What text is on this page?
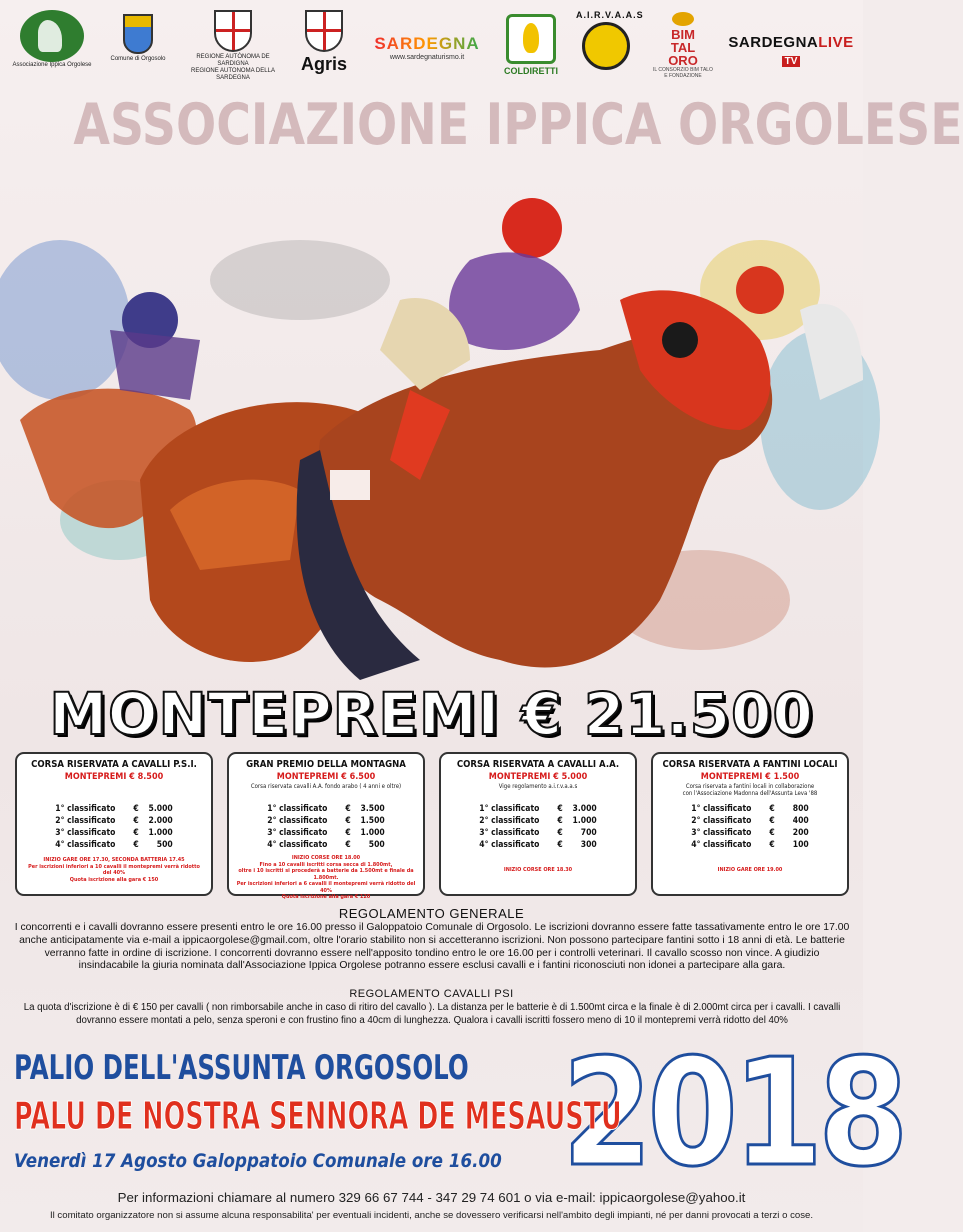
Associazione Ippica Orgolese
Comune di Orgosolo	REGIONE AUTÒNOMA DE SARDIGNA
REGIONE AUTONOMA DELLA SARDEGNA
Agris
SARDEGNA
www.sardegnaturismo.it
COLDIRETTI
A.I.R.V.A.A.S
BIM
TAL
ORO
IL CONSORZIO BIM TALO E FONDAZIONE
SARDEGNALIVE
TV
ASSOCIAZIONE IPPICA ORGOLESE
MONTEPREMI € 21.500
CORSA RISERVATA A CAVALLI P.S.I.
MONTEPREMI € 8.500
1° classificato	€	5.000
2° classificato	€	2.000
3° classificato	€	1.000
4° classificato	€	500
INIZIO GARE ORE 17.30, SECONDA BATTERIA 17.45
Per iscrizioni inferiori a 10 cavalli il montepremi verrà ridotto del 40%
Quota iscrizione alla gara € 150
GRAN PREMIO DELLA MONTAGNA
MONTEPREMI € 6.500
Corsa riservata cavalli A.A. fondo arabo ( 4 anni e oltre)
1° classificato	€	3.500
2° classificato	€	1.500
3° classificato	€	1.000
4° classificato	€	500
INIZIO CORSE ORE 18.00
Fino a 10 cavalli iscritti corsa secca di 1.800mt,
oltre i 10 iscritti si procederà a batterie da 1.500mt e finale da 1.800mt.
Per iscrizioni inferiori a 6 cavalli il montepremi verrà ridotto del 40%
Quota iscrizione alla gara € 120
CORSA RISERVATA A CAVALLI A.A.
MONTEPREMI € 5.000
Vige regolamento a.i.r.v.a.a.s
1° classificato	€	3.000
2° classificato	€	1.000
3° classificato	€	700
4° classificato	€	300
INIZIO CORSE ORE 18.30
CORSA RISERVATA A FANTINI LOCALI
MONTEPREMI € 1.500
Corsa riservata a fantini locali in collaborazione
con l'Associazione Madonna dell'Assunta Leva '88
1° classificato	€	800
2° classificato	€	400
3° classificato	€	200
4° classificato	€	100
INIZIO GARE ORE 19.00
REGOLAMENTO GENERALE
I concorrenti e i cavalli dovranno essere presenti entro le ore 16.00 presso il Galoppatoio Comunale di Orgosolo. Le iscrizioni dovranno essere fatte tassativamente entro le ore 17.00 anche anticipatamente via e-mail a ippicaorgolese@gmail.com, oltre l'orario stabilito non si accetteranno iscrizioni. Non possono partecipare fantini sotto i 18 anni di età. Le batterie verranno fatte in ordine di iscrizione. I concorrenti dovranno essere nell'apposito tondino entro le ore 16.00 per i controlli veterinari. Il cavallo scosso non vince. A giudizio insindacabile la giuria nominata dall'Associazione Ippica Orgolese potranno essere esclusi cavalli e i fantini riconosciuti non idonei a partecipare alla gara.
REGOLAMENTO CAVALLI PSI
La quota d'iscrizione è di € 150 per cavalli ( non rimborsabile anche in caso di ritiro del cavallo ). La distanza per le batterie è di 1.500mt circa e la finale è di 2.000mt circa per i cavalli. I cavalli dovranno essere montati a pelo, senza speroni e con frustino fino a 40cm di lunghezza. Qualora i cavalli iscritti fossero meno di 10 il montepremi verrà ridotto del 40%
2018
PALIO DELL'ASSUNTA ORGOSOLO
PALU DE NOSTRA SENNORA DE MESAUSTU
Venerdì 17 Agosto Galoppatoio Comunale ore 16.00
Per informazioni chiamare al numero 329 66 67 744 - 347 29 74 601 o via e-mail: ippicaorgolese@yahoo.it
Il comitato organizzatore non si assume alcuna responsabilita' per eventuali incidenti, anche se dovessero verificarsi nell'ambito degli impianti, né per danni provocati a terzi o cose.
